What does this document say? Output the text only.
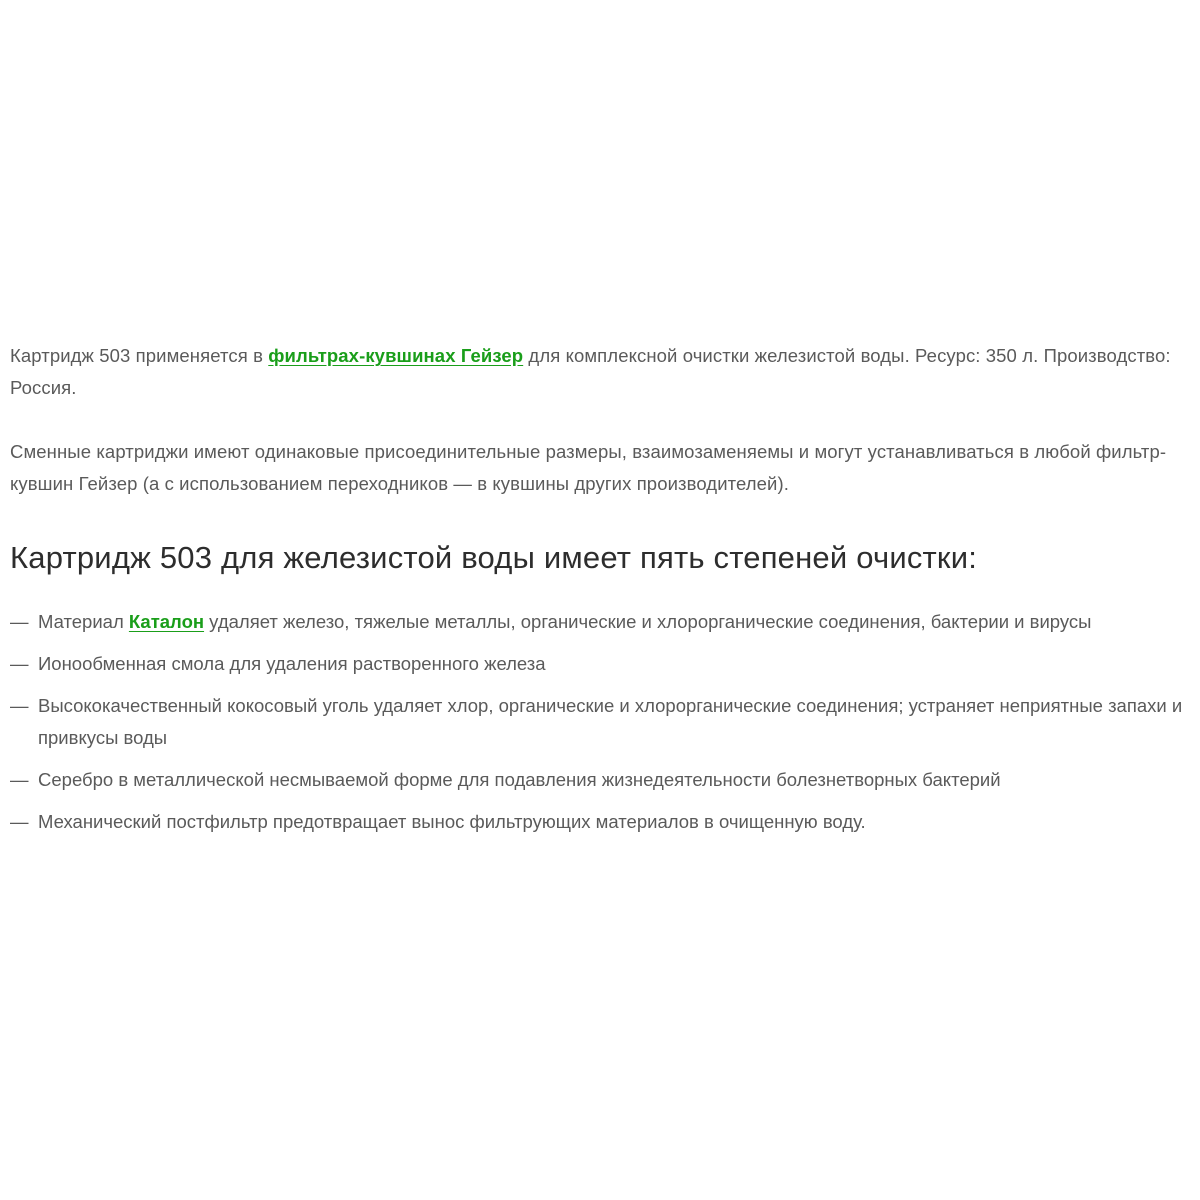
Картридж 503 применяется в фильтрах-кувшинах Гейзер для комплексной очистки железистой воды. Ресурс: 350 л. Производство: Россия.

Сменные картриджи имеют одинаковые присоединительные размеры, взаимозаменяемы и могут устанавливаться в любой фильтр-кувшин Гейзер (а с использованием переходников — в кувшины других производителей).

Картридж 503 для железистой воды имеет пять степеней очистки:
— Материал Каталон удаляет железо, тяжелые металлы, органические и хлорорганические соединения, бактерии и вирусы
— Ионообменная смола для удаления растворенного железа
— Высококачественный кокосовый уголь удаляет хлор, органические и хлорорганические соединения; устраняет неприятные запахи и привкусы воды
— Серебро в металлической несмываемой форме для подавления жизнедеятельности болезнетворных бактерий
— Механический постфильтр предотвращает вынос фильтрующих материалов в очищенную воду.
